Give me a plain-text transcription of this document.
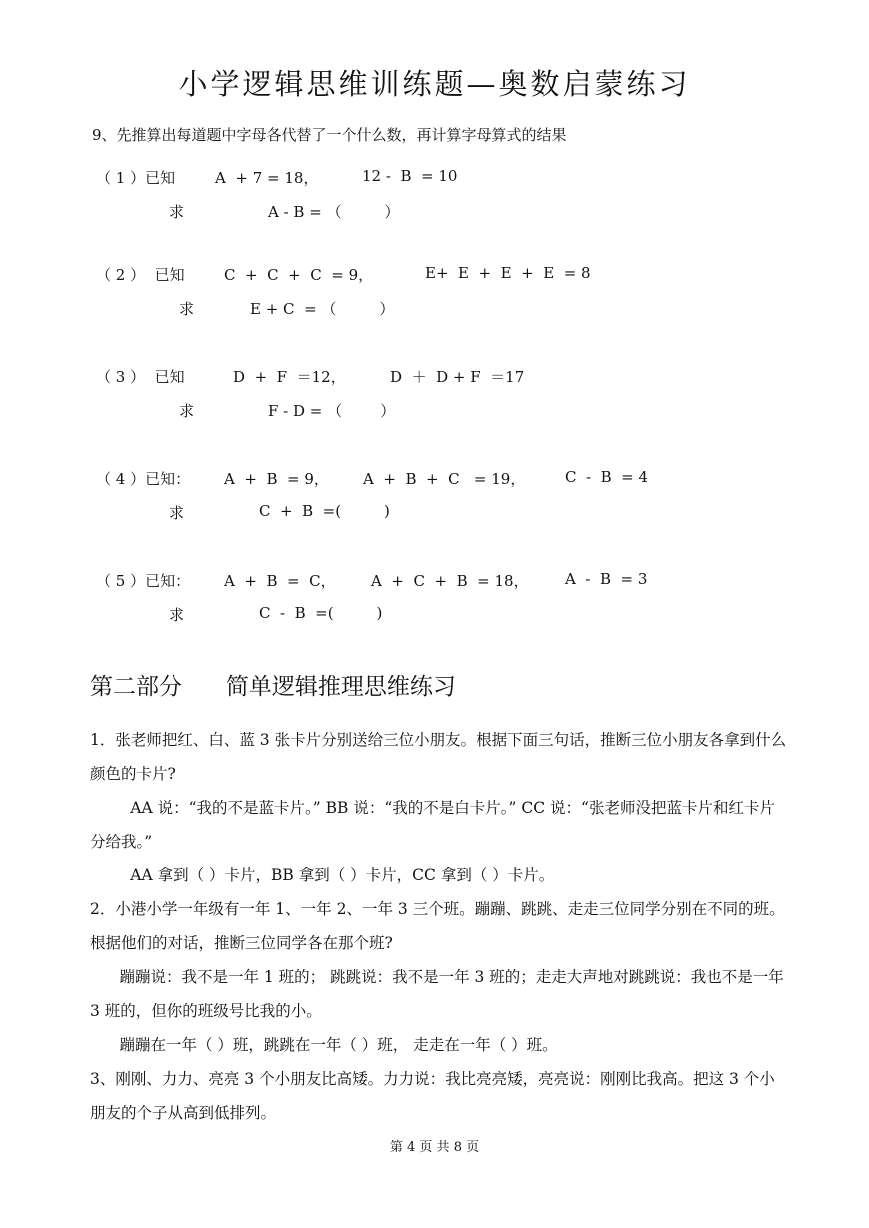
小学逻辑思维训练题—奥数启蒙练习
9、先推算出每道题中字母各代替了一个什么数，再计算字母算式的结果
（ 1 ）已知	A  + 7 = 18，	12 -  B  = 10
求	A - B = （         ）
（ 2 ）  已知	C  +  C  +  C  = 9，	E+  E  +  E  +  E  = 8
求	E + C  = （         ）
（ 3 ）  已知	D  +  F  ＝12，	D  ＋  D + F  ＝17
求	F - D = （        ）
（ 4 ）已知： A  +  B  = 9， A  +  B  +  C   = 19，	C  -  B  = 4
求	C  +  B  =(         )
（ 5 ）已知： A  +  B  =  C， A  +  C  +  B  = 18， A  -  B  = 3
求	C  -  B  =(         )
第二部分      简单逻辑推理思维练习
1．张老师把红、白、蓝 3 张卡片分别送给三位小朋友。根据下面三句话，推断三位小朋友各拿到什么颜色的卡片?
AA 说：“我的不是蓝卡片。” BB 说：“我的不是白卡片。” CC 说：“张老师没把蓝卡片和红卡片分给我。”
AA 拿到（ ）卡片，BB 拿到（ ）卡片，CC 拿到（ ）卡片。
2．小港小学一年级有一年 1、一年 2、一年 3 三个班。蹦蹦、跳跳、走走三位同学分别在不同的班。根据他们的对话，推断三位同学各在那个班?
蹦蹦说：我不是一年 1 班的； 跳跳说：我不是一年 3 班的；走走大声地对跳跳说：我也不是一年 3 班的，但你的班级号比我的小。
蹦蹦在一年（ ）班，跳跳在一年（ ）班， 走走在一年（ ）班。
3、刚刚、力力、亮亮 3 个小朋友比高矮。力力说：我比亮亮矮，亮亮说：刚刚比我高。把这 3 个小朋友的个子从高到低排列。
第 4 页 共 8 页
